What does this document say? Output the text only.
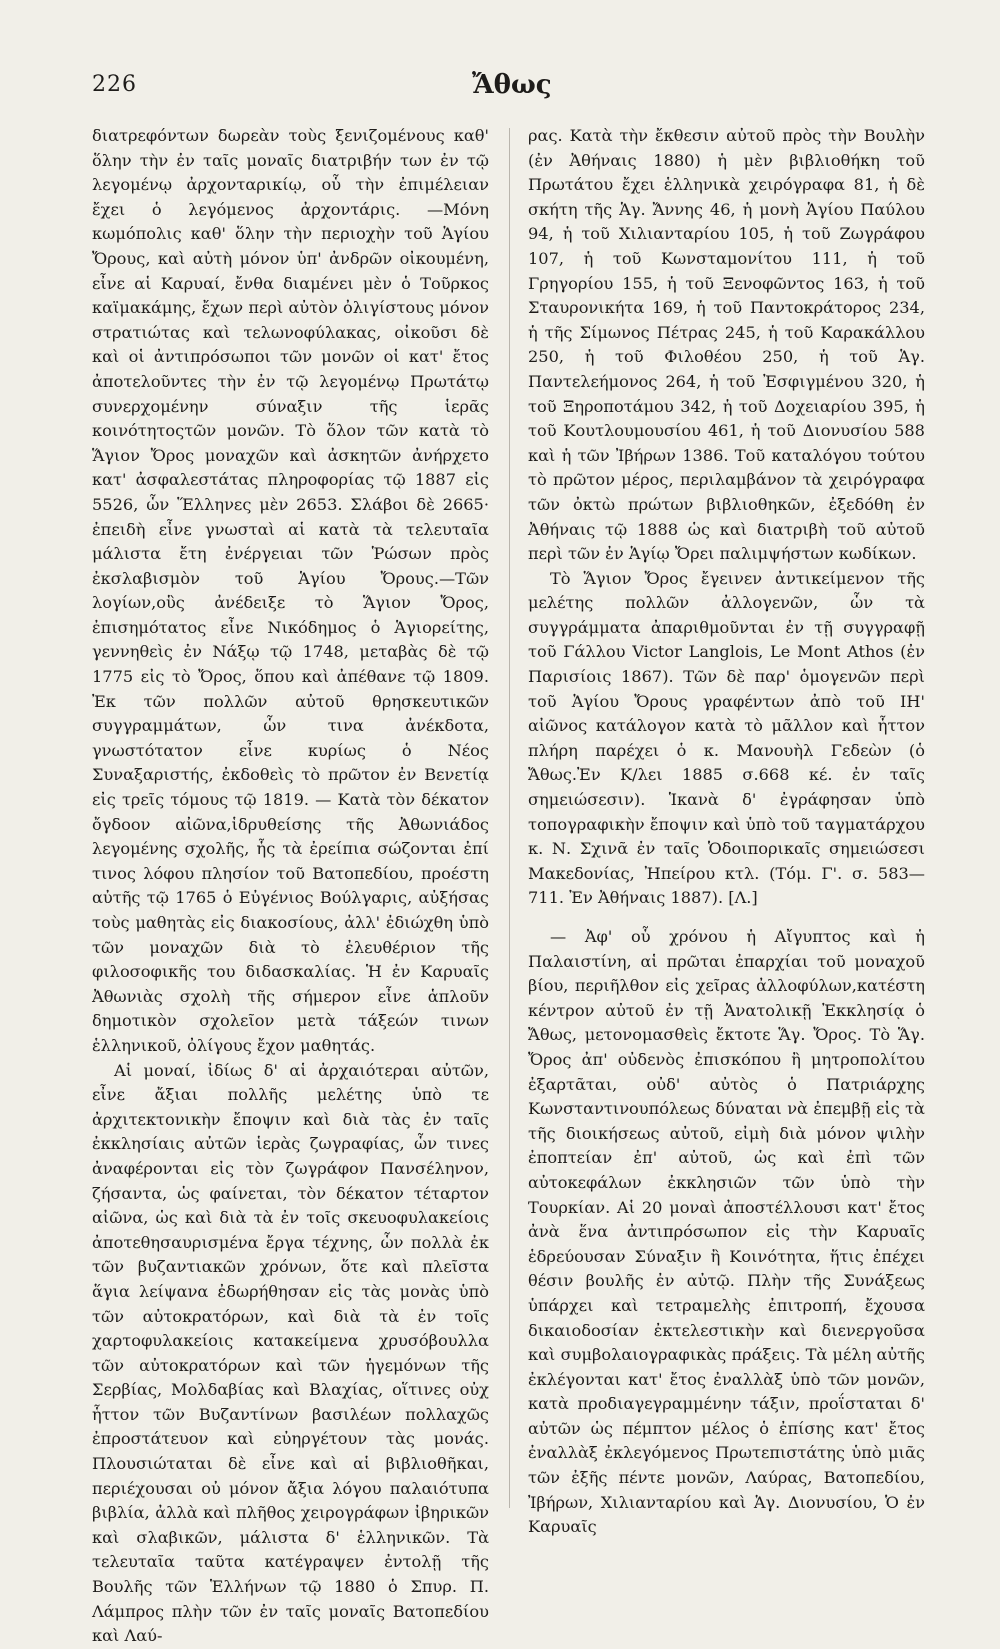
226	Ἄθως

διατρεφόντων δωρεὰν τοὺς ξενιζομένους καθ' ὅλην τὴν ἐν ταῖς μοναῖς διατριβήν των ἐν τῷ λεγομένῳ ἀρχονταρικίῳ, οὗ τὴν ἐπιμέλειαν ἔχει ὁ λεγόμενος ἀρχοντάρις. —Μόνη κωμόπολις καθ' ὅλην τὴν περιοχὴν τοῦ Ἁγίου Ὄρους, καὶ αὐτὴ μόνον ὑπ' ἀνδρῶν οἰκουμένη, εἶνε αἱ Καρυαί, ἔνθα διαμένει μὲν ὁ Τοῦρκος καϊμακάμης, ἔχων περὶ αὐτὸν ὀλιγίστους μόνον στρατιώτας καὶ τελωνοφύλακας, οἰκοῦσι δὲ καὶ οἱ ἀντιπρόσωποι τῶν μονῶν οἱ κατ' ἔτος ἀποτελοῦντες τὴν ἐν τῷ λεγομένῳ Πρωτάτῳ συνερχομένην σύναξιν τῆς ἱερᾶς κοινότητοςτῶν μονῶν. Τὸ ὅλον τῶν κατὰ τὸ Ἅγιον Ὄρος μοναχῶν καὶ ἀσκητῶν ἀνήρχετο κατ' ἀσφαλεστάτας πληροφορίας τῷ 1887 εἰς 5526, ὧν Ἕλληνες μὲν 2653. Σλάβοι δὲ 2665· ἐπειδὴ εἶνε γνωσταὶ αἱ κατὰ τὰ τελευταῖα μάλιστα ἔτη ἐνέργειαι τῶν Ῥώσων πρὸς ἐκσλαβισμὸν τοῦ Ἁγίου Ὄρους.—Τῶν λογίων,οὓς ἀνέδειξε τὸ Ἅγιον Ὄρος, ἐπισημότατος εἶνε Νικόδημος ὁ Ἁγιορείτης, γεννηθεὶς ἐν Νάξῳ τῷ 1748, μεταβὰς δὲ τῷ 1775 εἰς τὸ Ὄρος, ὅπου καὶ ἀπέθανε τῷ 1809. Ἐκ τῶν πολλῶν αὐτοῦ θρησκευτικῶν συγγραμμάτων, ὧν τινα ἀνέκδοτα, γνωστότατον εἶνε κυρίως ὁ Νέος Συναξαριστής, ἐκδοθεὶς τὸ πρῶτον ἐν Βενετίᾳ εἰς τρεῖς τόμους τῷ 1819. — Κατὰ τὸν δέκατον ὄγδοον αἰῶνα,ἱδρυθείσης τῆς Ἀθωνιάδος λεγομένης σχολῆς, ἧς τὰ ἐρείπια σώζονται ἐπί τινος λόφου πλησίον τοῦ Βατοπεδίου, προέστη αὐτῆς τῷ 1765 ὁ Εὐγένιος Βούλγαρις, αὐξήσας τοὺς μαθητὰς εἰς διακοσίους, ἀλλ' ἐδιώχθη ὑπὸ τῶν μοναχῶν διὰ τὸ ἐλευθέριον τῆς φιλοσοφικῆς του διδασκαλίας. Ἡ ἐν Καρυαῖς Ἀθωνιὰς σχολὴ τῆς σήμερον εἶνε ἁπλοῦν δημοτικὸν σχολεῖον μετὰ τάξεών τινων ἑλληνικοῦ, ὀλίγους ἔχον μαθητάς.

Αἱ μοναί, ἰδίως δ' αἱ ἀρχαιότεραι αὐτῶν, εἶνε ἄξιαι πολλῆς μελέτης ὑπὸ τε ἀρχιτεκτονικὴν ἔποψιν καὶ διὰ τὰς ἐν ταῖς ἐκκλησίαις αὐτῶν ἱερὰς ζωγραφίας, ὧν τινες ἀναφέρονται εἰς τὸν ζωγράφον Πανσέληνον, ζήσαντα, ὡς φαίνεται, τὸν δέκατον τέταρτον αἰῶνα, ὡς καὶ διὰ τὰ ἐν τοῖς σκευοφυλακείοις ἀποτεθησαυρισμένα ἔργα τέχνης, ὧν πολλὰ ἐκ τῶν βυζαντιακῶν χρόνων, ὅτε καὶ πλεῖστα ἅγια λείψανα ἐδωρήθησαν εἰς τὰς μονὰς ὑπὸ τῶν αὐτοκρατόρων, καὶ διὰ τὰ ἐν τοῖς χαρτοφυλακείοις κατακείμενα χρυσόβουλλα τῶν αὐτοκρατόρων καὶ τῶν ἡγεμόνων τῆς Σερβίας, Μολδαβίας καὶ Βλαχίας, οἵτινες οὐχ ἧττον τῶν Βυζαντίνων βασιλέων πολλαχῶς ἐπροστάτευον καὶ εὐηργέτουν τὰς μονάς. Πλουσιώταται δὲ εἶνε καὶ αἱ βιβλιοθῆκαι, περιέχουσαι οὐ μόνον ἄξια λόγου παλαιότυπα βιβλία, ἀλλὰ καὶ πλῆθος χειρογράφων ἰβηρικῶν καὶ σλαβικῶν, μάλιστα δ' ἑλληνικῶν. Τὰ τελευταῖα ταῦτα κατέγραψεν ἐντολῇ τῆς Βουλῆς τῶν Ἑλλήνων τῷ 1880 ὁ Σπυρ. Π. Λάμπρος πλὴν τῶν ἐν ταῖς μοναῖς Βατοπεδίου καὶ Λαύ-

ρας. Κατὰ τὴν ἔκθεσιν αὐτοῦ πρὸς τὴν Βουλὴν (ἐν Ἀθήναις 1880) ἡ μὲν βιβλιοθήκη τοῦ Πρωτάτου ἔχει ἑλληνικὰ χειρόγραφα 81, ἡ δὲ σκήτη τῆς Ἁγ. Ἄννης 46, ἡ μονὴ Ἁγίου Παύλου 94, ἡ τοῦ Χιλιανταρίου 105, ἡ τοῦ Ζωγράφου 107, ἡ τοῦ Κωνσταμονίτου 111, ἡ τοῦ Γρηγορίου 155, ἡ τοῦ Ξενοφῶντος 163, ἡ τοῦ Σταυρονικήτα 169, ἡ τοῦ Παντοκράτορος 234, ἡ τῆς Σίμωνος Πέτρας 245, ἡ τοῦ Καρακάλλου 250, ἡ τοῦ Φιλοθέου 250, ἡ τοῦ Ἁγ. Παντελεήμονος 264, ἡ τοῦ Ἐσφιγμένου 320, ἡ τοῦ Ξηροποτάμου 342, ἡ τοῦ Δοχειαρίου 395, ἡ τοῦ Κουτλουμουσίου 461, ἡ τοῦ Διονυσίου 588 καὶ ἡ τῶν Ἰβήρων 1386. Τοῦ καταλόγου τούτου τὸ πρῶτον μέρος, περιλαμβάνον τὰ χειρόγραφα τῶν ὀκτὼ πρώτων βιβλιοθηκῶν, ἐξεδόθη ἐν Ἀθήναις τῷ 1888 ὡς καὶ διατριβὴ τοῦ αὐτοῦ περὶ τῶν ἐν Ἁγίῳ Ὄρει παλιμψήστων κωδίκων.

Τὸ Ἅγιον Ὄρος ἔγεινεν ἀντικείμενον τῆς μελέτης πολλῶν ἀλλογενῶν, ὧν τὰ συγγράμματα ἀπαριθμοῦνται ἐν τῇ συγγραφῇ τοῦ Γάλλου Victor Langlois, Le Mont Athos (ἐν Παρισίοις 1867). Τῶν δὲ παρ' ὁμογενῶν περὶ τοῦ Ἁγίου Ὄρους γραφέντων ἀπὸ τοῦ ΙΗ' αἰῶνος κατάλογον κατὰ τὸ μᾶλλον καὶ ἧττον πλήρη παρέχει ὁ κ. Μανουὴλ Γεδεὼν (ὁ Ἄθως.Ἐν Κ/λει 1885 σ.668 κέ. ἐν ταῖς σημειώσεσιν). Ἱκανὰ δ' ἐγράφησαν ὑπὸ τοπογραφικὴν ἔποψιν καὶ ὑπὸ τοῦ ταγματάρχου κ. Ν. Σχινᾶ ἐν ταῖς Ὁδοιπορικαῖς σημειώσεσι Μακεδονίας, Ἠπείρου κτλ. (Τόμ. Γ'. σ. 583—711. Ἐν Ἀθήναις 1887). [Λ.]

— Ἀφ' οὗ χρόνου ἡ Αἴγυπτος καὶ ἡ Παλαιστίνη, αἱ πρῶται ἐπαρχίαι τοῦ μοναχοῦ βίου, περιῆλθον εἰς χεῖρας ἀλλοφύλων,κατέστη κέντρον αὐτοῦ ἐν τῇ Ἀνατολικῇ Ἐκκλησίᾳ ὁ Ἄθως, μετονομασθεὶς ἔκτοτε Ἅγ. Ὄρος. Τὸ Ἅγ. Ὄρος ἀπ' οὐδενὸς ἐπισκόπου ἢ μητροπολίτου ἐξαρτᾶται, οὐδ' αὐτὸς ὁ Πατριάρχης Κωνσταντινουπόλεως δύναται νὰ ἐπεμβῇ εἰς τὰ τῆς διοικήσεως αὐτοῦ, εἰμὴ διὰ μόνον ψιλὴν ἐποπτείαν ἐπ' αὐτοῦ, ὡς καὶ ἐπὶ τῶν αὐτοκεφάλων ἐκκλησιῶν τῶν ὑπὸ τὴν Τουρκίαν. Αἱ 20 μοναὶ ἀποστέλλουσι κατ' ἔτος ἀνὰ ἕνα ἀντιπρόσωπον εἰς τὴν Καρυαῖς ἑδρεύουσαν Σύναξιν ἢ Κοινότητα, ἥτις ἐπέχει θέσιν βουλῆς ἐν αὐτῷ. Πλὴν τῆς Συνάξεως ὑπάρχει καὶ τετραμελὴς ἐπιτροπή, ἔχουσα δικαιοδοσίαν ἐκτελεστικὴν καὶ διενεργοῦσα καὶ συμβολαιογραφικὰς πράξεις. Τὰ μέλη αὐτῆς ἐκλέγονται κατ' ἔτος ἐναλλὰξ ὑπὸ τῶν μονῶν, κατὰ προδιαγεγραμμένην τάξιν, προΐσταται δ' αὐτῶν ὡς πέμπτον μέλος ὁ ἐπίσης κατ' ἔτος ἐναλλὰξ ἐκλεγόμενος Πρωτεπιστάτης ὑπὸ μιᾶς τῶν ἐξῆς πέντε μονῶν, Λαύρας, Βατοπεδίου, Ἰβήρων, Χιλιανταρίου καὶ Ἁγ. Διονυσίου, Ὁ ἐν Καρυαῖς
